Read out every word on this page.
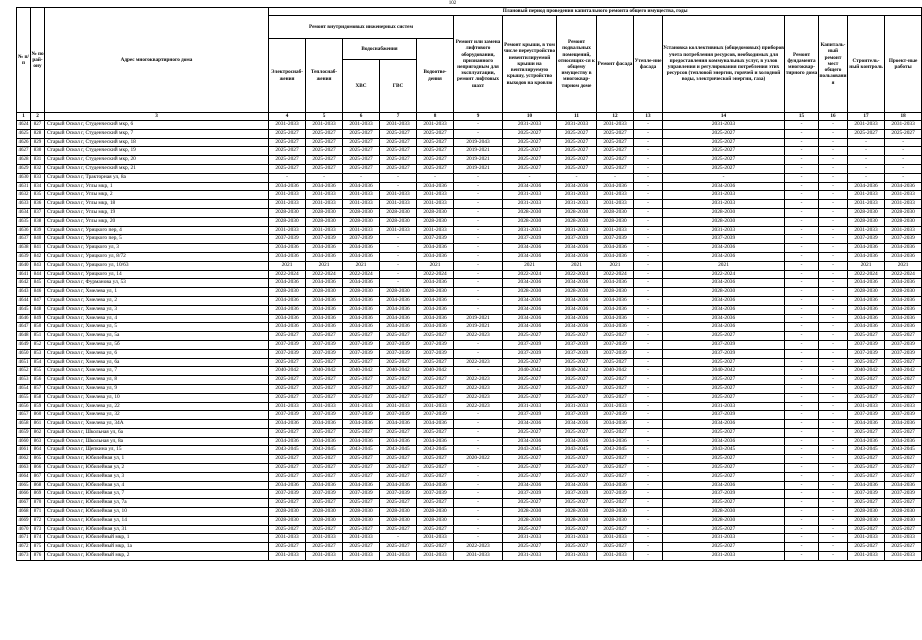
102
№ п/п	№ по рай-ону	Адрес многоквартирного дома	Плановый период проведения капитального ремонта общего имущества, годы														
			Ремонт внутридомовых инженерных систем					Ремонт или замена лифтового оборудования, признанного непригодным для эксплуатации, ремонт лифтовых шахт	Ремонт крыши, в том числе переустройство невентилируемой крыши на вентилируемую крышу, устройство выходов на кровлю	Ремонт подвальных помещений, относящих-ся к общему имуществу в многоквар-тирном доме	Ремонт фасада	Утепле-ние фасада	Установка коллективных (общедомовых) приборов учета потребления ресурсов, необходимых для предоставления коммунальных услуг, в узлов управления и регулирования потребления этих ресурсов (тепловой энергии, горячей и холодной воды, электрической энергии, газа)	Ремонт фундамента многоквар-тирного дома	Капиталь-ный ремонт мест общего пользовани я	Строитель-ный контроль	Проект-ные работы
			Электроснаб-жения	Теплоснаб-жения	Водоснабжения		Водоотве-дения										
					ХВС	ГВС											
1	2	3	4	5	6	7	8	9	10	11	12	13	14	15	16	17	18
4624	827	Старый Оскол г, Студенческий мкр, 6	2031-2033	2031-2033	2031-2033	2031-2033	2031-2033	-	2031-2033	2031-2033	2031-2033	-	2031-2033	-	-	2031-2033	2031-2033
4625	828	Старый Оскол г, Студенческий мкр, 7	2025-2027	2025-2027	2025-2027	2025-2027	2025-2027	-	2025-2027	2025-2027	2025-2027	-	2025-2027	-	-	2025-2027	2025-2027
4626	829	Старый Оскол г, Студенческий мкр, 18	2025-2027	2025-2027	2025-2027	2025-2027	2025-2027	2019-2043	2025-2027	2025-2027	2025-2027	-	2025-2027	-	-	-	-
4627	830	Старый Оскол г, Студенческий мкр, 19	2025-2027	2025-2027	2025-2027	2025-2027	2025-2027	2019-2021	2025-2027	2025-2027	2025-2027	-	2025-2027	-	-	-	-
4628	831	Старый Оскол г, Студенческий мкр, 20	2025-2027	2025-2027	2025-2027	2025-2027	2025-2027	2019-2021	2025-2027	2025-2027	2025-2027	-	2025-2027	-	-	-	-
4629	832	Старый Оскол г, Студенческий мкр, 21	2025-2027	2025-2027	2025-2027	2025-2027	2025-2027	2019-2021	2025-2027	2025-2027	2025-2027	-	2025-2027	-	-	-	-
4630	833	Старый Оскол г, Тракторная ул, 8а	-	-	-	-	-	-	-	-	-	-	-	-	-	-	-
4631	834	Старый Оскол г, Углы мкр, 1	2034-2036	2034-2036	2034-2036	-	2034-2036	-	2034-2036	2034-2036	2034-2036	-	2034-2036	-	-	2034-2036	2034-2036
4632	835	Старый Оскол г, Углы мкр, 2	2031-2033	2031-2033	2031-2033	2031-2033	2031-2033	-	2031-2033	2031-2033	2031-2033	-	2031-2033	-	-	2031-2033	2031-2033
4633	836	Старый Оскол г, Углы мкр, 18	2031-2033	2031-2033	2031-2033	2031-2033	2031-2033	-	2031-2033	2031-2033	2031-2033	-	2031-2033	-	-	2031-2033	2031-2033
4634	837	Старый Оскол г, Углы мкр, 19	2028-2030	2028-2030	2028-2030	2028-2030	2028-2030	-	2028-2030	2028-2030	2028-2030	-	2028-2030	-	-	2028-2030	2028-2030
4635	838	Старый Оскол г, Углы мкр, 20	2028-2030	2028-2030	2028-2030	2028-2030	2028-2030	-	2028-2030	2028-2030	2028-2030	-	2028-2030	-	-	2028-2030	2028-2030
4636	839	Старый Оскол г, Урицкого пер, 4	2031-2033	2031-2033	2031-2033	2031-2033	2031-2033	-	2031-2033	2031-2033	2031-2033	-	2031-2033	-	-	2031-2033	2031-2033
4637	840	Старый Оскол г, Урицкого пер, 5	2037-2039	2037-2039	2037-2039	-	2037-2039	-	2037-2039	2037-2039	2037-2039	-	2037-2039	-	-	2037-2039	2037-2039
4638	841	Старый Оскол г, Урицкого ул, 3	2034-2036	2034-2036	2034-2036	-	2034-2036	-	2034-2036	2034-2036	2034-2036	-	2034-2036	-	-	2034-2036	2034-2036
4639	842	Старый Оскол г, Урицкого ул, 8/72	2034-2036	2034-2036	2034-2036	-	2034-2036	-	2034-2036	2034-2036	2034-2036	-	2034-2036	-	-	2034-2036	2034-2036
4640	843	Старый Оскол г, Урицкого ул, 10/63	2021	2021	2021	-	2021	-	2021	2021	2021	-	2021	-	-	2021	2021
4641	844	Старый Оскол г, Урицкого ул, 14	2022-2024	2022-2024	2022-2024	-	2022-2024	-	2022-2024	2022-2024	2022-2024	-	2022-2024	-	-	2022-2024	2022-2024
4642	845	Старый Оскол г, Фурманова ул, 53	2034-2036	2034-2036	2034-2036	-	2034-2036	-	2034-2036	2034-2036	2034-2036	-	2034-2036	-	-	2034-2036	2034-2036
4643	846	Старый Оскол г, Хмелева ул, 1	2028-2030	2028-2030	2028-2030	2028-2030	2028-2030	-	2028-2030	2028-2030	2028-2030	-	2028-2030	-	-	2028-2030	2028-2030
4644	847	Старый Оскол г, Хмелева ул, 2	2034-2036	2034-2036	2034-2036	2034-2036	2034-2036	-	2034-2036	2034-2036	2034-2036	-	2034-2036	-	-	2034-2036	2034-2036
4645	848	Старый Оскол г, Хмелева ул, 3	2034-2036	2034-2036	2034-2036	2034-2036	2034-2036	-	2034-2036	2034-2036	2034-2036	-	2034-2036	-	-	2034-2036	2034-2036
4646	849	Старый Оскол г, Хмелева ул, 4	2034-2036	2034-2036	2034-2036	2034-2036	2034-2036	2019-2021	2034-2036	2034-2036	2034-2036	-	2034-2036	-	-	2034-2036	2034-2036
4647	850	Старый Оскол г, Хмелева ул, 5	2034-2036	2034-2036	2034-2036	2034-2036	2034-2036	2019-2021	2034-2036	2034-2036	2034-2036	-	2034-2036	-	-	2034-2036	2034-2036
4648	851	Старый Оскол г, Хмелева ул, 5а	2025-2027	2025-2027	2025-2027	2025-2027	2025-2027	2022-2023	2025-2027	2025-2027	2025-2027	-	2025-2027	-	-	2025-2027	2025-2027
4649	852	Старый Оскол г, Хмелева ул, 5б	2037-2039	2037-2039	2037-2039	2037-2039	2037-2039	-	2037-2039	2037-2039	2037-2039	-	2037-2039	-	-	2037-2039	2037-2039
4650	853	Старый Оскол г, Хмелева ул, 6	2037-2039	2037-2039	2037-2039	2037-2039	2037-2039	-	2037-2039	2037-2039	2037-2039	-	2037-2039	-	-	2037-2039	2037-2039
4651	854	Старый Оскол г, Хмелева ул, 6а	2025-2027	2025-2027	2025-2027	2025-2027	2025-2027	2022-2023	2025-2027	2025-2027	2025-2027	-	2025-2027	-	-	2025-2027	2025-2027
4652	855	Старый Оскол г, Хмелева ул, 7	2040-2042	2040-2042	2040-2042	2040-2042	2040-2042	-	2040-2042	2040-2042	2040-2042	-	2040-2042	-	-	2040-2042	2040-2042
4653	856	Старый Оскол г, Хмелева ул, 8	2025-2027	2025-2027	2025-2027	2025-2027	2025-2027	2022-2023	2025-2027	2025-2027	2025-2027	-	2025-2027	-	-	2025-2027	2025-2027
4654	857	Старый Оскол г, Хмелева ул, 9	2025-2027	2025-2027	2025-2027	2025-2027	2025-2027	2022-2023	2025-2027	2025-2027	2025-2027	-	2025-2027	-	-	2025-2027	2025-2027
4655	858	Старый Оскол г, Хмелева ул, 10	2025-2027	2025-2027	2025-2027	2025-2027	2025-2027	2022-2023	2025-2027	2025-2027	2025-2027	-	2025-2027	-	-	2025-2027	2025-2027
4656	859	Старый Оскол г, Хмелева ул, 22	2031-2033	2031-2033	2031-2033	2031-2033	2031-2033	2022-2023	2031-2033	2031-2033	2031-2033	-	2031-2033	-	-	2031-2033	2031-2033
4657	860	Старый Оскол г, Хмелева ул, 32	2037-2039	2037-2039	2037-2039	2037-2039	2037-2039	-	2037-2039	2037-2039	2037-2039	-	2037-2039	-	-	2037-2039	2037-2039
4658	861	Старый Оскол г, Хмелева ул, 34А	2034-2036	2034-2036	2034-2036	2034-2036	2034-2036	-	2034-2036	2034-2036	2034-2036	-	2034-2036	-	-	2034-2036	2034-2036
4659	862	Старый Оскол г, Школьная ул, 6а	2025-2027	2025-2027	2025-2027	2025-2027	2025-2027	-	2025-2027	2025-2027	2025-2027	-	2025-2027	-	-	2025-2027	2025-2027
4660	863	Старый Оскол г, Школьная ул, 8а	2034-2036	2034-2036	2034-2036	2034-2036	2034-2036	-	2034-2036	2034-2036	2034-2036	-	2034-2036	-	-	2034-2036	2034-2036
4661	864	Старый Оскол г, Щепкина ул, 15	2043-2045	2043-2045	2043-2045	2043-2045	2043-2045	-	2043-2045	2043-2045	2043-2045	-	2043-2045	-	-	2043-2045	2043-2045
4662	865	Старый Оскол г, Юбилейная ул, 1	2025-2027	2025-2027	2025-2027	2025-2027	2025-2027	2020-2022	2025-2027	2025-2027	2025-2027	-	2025-2027	-	-	2025-2027	2025-2027
4663	866	Старый Оскол г, Юбилейная ул, 2	2025-2027	2025-2027	2025-2027	2025-2027	2025-2027	-	2025-2027	2025-2027	2025-2027	-	2025-2027	-	-	2025-2027	2025-2027
4664	867	Старый Оскол г, Юбилейная ул, 3	2025-2027	2025-2027	2025-2027	2025-2027	2025-2027	-	2025-2027	2025-2027	2025-2027	-	2025-2027	-	-	2025-2027	2025-2027
4665	868	Старый Оскол г, Юбилейная ул, 4	2034-2036	2034-2036	2034-2036	2034-2036	2034-2036	-	2034-2036	2034-2036	2034-2036	-	2034-2036	-	-	2034-2036	2034-2036
4666	869	Старый Оскол г, Юбилейная ул, 7	2037-2039	2037-2039	2037-2039	2037-2039	2037-2039	-	2037-2039	2037-2039	2037-2039	-	2037-2039	-	-	2037-2039	2037-2039
4667	870	Старый Оскол г, Юбилейная ул, 7а	2025-2027	2025-2027	2025-2027	2025-2027	2025-2027	-	2025-2027	2025-2027	2025-2027	-	2025-2027	-	-	2025-2027	2025-2027
4668	871	Старый Оскол г, Юбилейная ул, 10	2028-2030	2028-2030	2028-2030	2028-2030	2028-2030	-	2028-2030	2028-2030	2028-2030	-	2028-2030	-	-	2028-2030	2028-2030
4669	872	Старый Оскол г, Юбилейная ул, 14	2028-2030	2028-2030	2028-2030	2028-2030	2028-2030	-	2028-2030	2028-2030	2028-2030	-	2028-2030	-	-	2028-2030	2028-2030
4670	873	Старый Оскол г, Юбилейная ул, 31	2025-2027	2025-2027	2025-2027	2025-2027	2025-2027	-	2025-2027	2025-2027	2025-2027	-	2025-2027	-	-	2025-2027	2025-2027
4671	874	Старый Оскол г, Юбилейный мкр, 1	2031-2033	2031-2033	2031-2033	-	2031-2033	-	2031-2033	2031-2033	2031-2033	-	2031-2033	-	-	2031-2033	2031-2033
4672	875	Старый Оскол г, Юбилейный мкр, 1а	2025-2027	2025-2027	2025-2027	2025-2027	2025-2027	2022-2023	2025-2027	2025-2027	2025-2027	-	2025-2027	-	-	2025-2027	2025-2027
4673	876	Старый Оскол г, Юбилейный мкр, 2	2031-2033	2031-2033	2031-2033	2031-2033	2031-2033	2031-2033	2031-2033	2031-2033	2031-2033	-	2031-2033	-	-	2031-2033	2031-2033
